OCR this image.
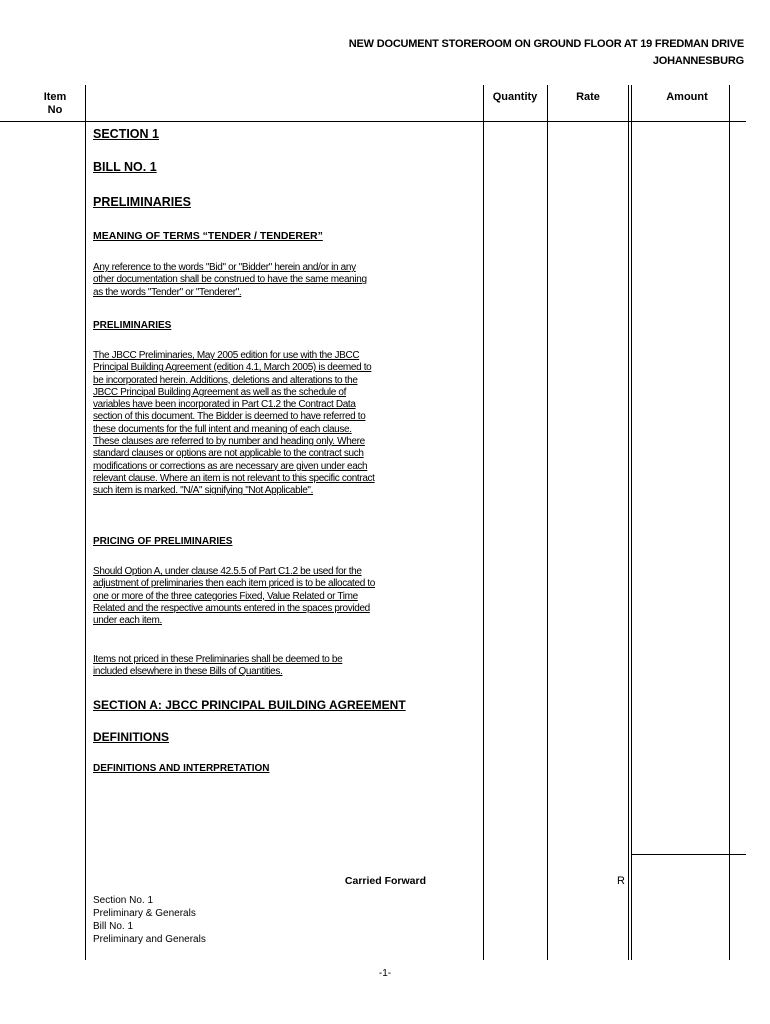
NEW DOCUMENT STOREROOM ON GROUND FLOOR AT 19 FREDMAN DRIVE
JOHANNESBURG
Item
No
Quantity	Rate	Amount

SECTION 1

BILL NO. 1

PRELIMINARIES

MEANING OF TERMS “TENDER / TENDERER”

Any reference to the words "Bid" or "Bidder" herein and/or in any

other documentation shall be construed to have the same meaning

as the words "Tender" or "Tenderer".

PRELIMINARIES

The JBCC Preliminaries, May 2005 edition for use with the JBCC

Principal Building Agreement (edition 4.1, March 2005) is deemed to

be incorporated herein. Additions, deletions and alterations to the

JBCC Principal Building Agreement as well as the schedule of

variables have been incorporated in Part C1.2 the Contract Data

section of this document. The Bidder is deemed to have referred to

these documents for the full intent and meaning of each clause.

These clauses are referred to by number and heading only. Where

standard clauses or options are not applicable to the contract such

modifications or corrections as are necessary are given under each

relevant clause. Where an item is not relevant to this specific contract

such item is marked. "N/A" signifying "Not Applicable".

PRICING OF PRELIMINARIES

Should Option A, under clause 42.5.5 of Part C1.2 be used for the

adjustment of preliminaries then each item priced is to be allocated to

one or more of the three categories Fixed, Value Related or Time

Related and the respective amounts entered in the spaces provided

under each item.

Items not priced in these Preliminaries shall be deemed to be

included elsewhere in these Bills of Quantities.

SECTION A: JBCC PRINCIPAL BUILDING AGREEMENT

DEFINITIONS

DEFINITIONS AND INTERPRETATION

Carried Forward	R
Section No. 1
Preliminary & Generals
Bill No. 1
Preliminary and Generals
-1-
